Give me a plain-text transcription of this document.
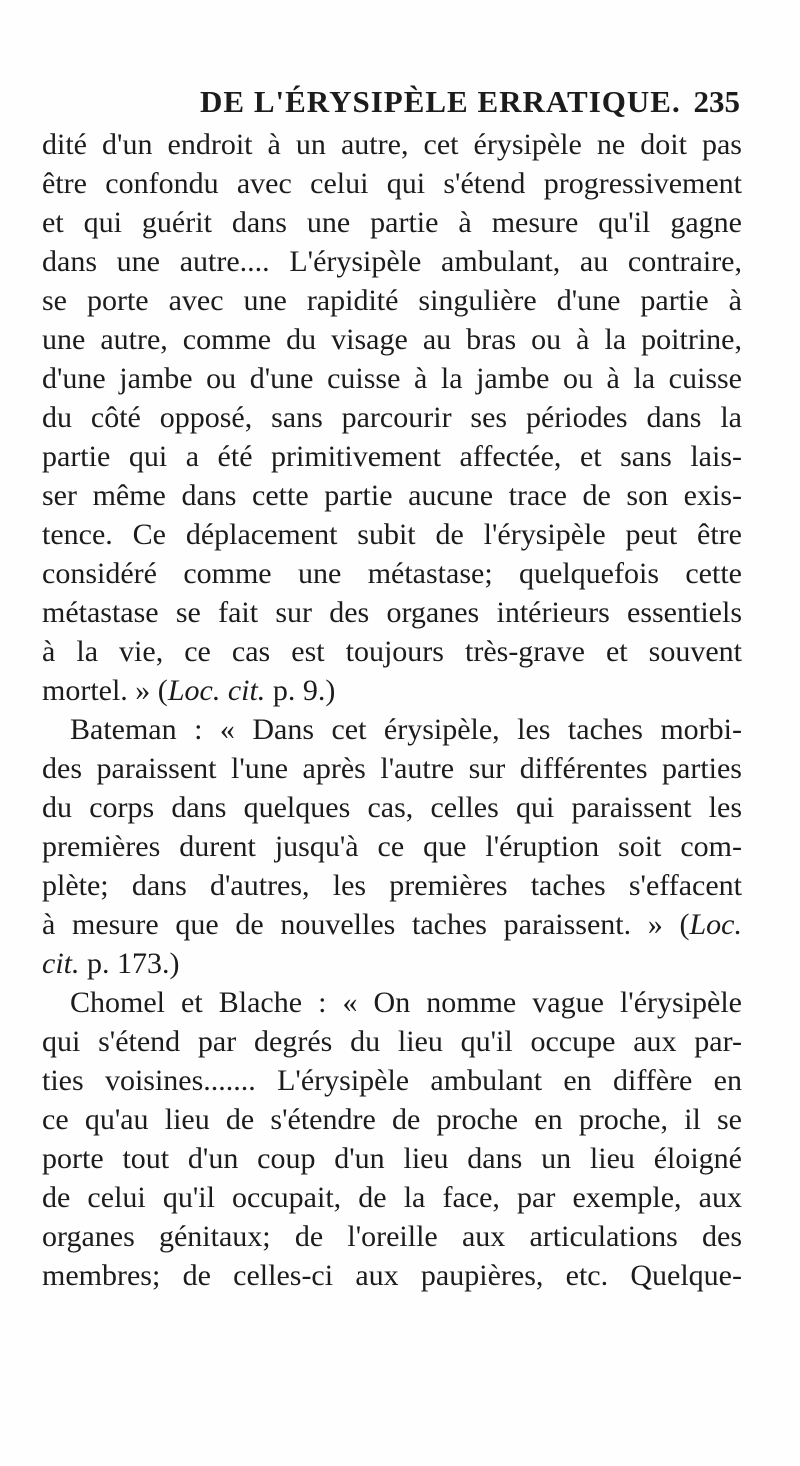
DE L'ÉRYSIPÈLE ERRATIQUE. 235
dité d'un endroit à un autre, cet érysipèle ne doit pas
être confondu avec celui qui s'étend progressivement
et qui guérit dans une partie à mesure qu'il gagne
dans une autre.... L'érysipèle ambulant, au contraire,
se porte avec une rapidité singulière d'une partie à
une autre, comme du visage au bras ou à la poitrine,
d'une jambe ou d'une cuisse à la jambe ou à la cuisse
du côté opposé, sans parcourir ses périodes dans la
partie qui a été primitivement affectée, et sans lais-
ser même dans cette partie aucune trace de son exis-
tence. Ce déplacement subit de l'érysipèle peut être
considéré comme une métastase; quelquefois cette
métastase se fait sur des organes intérieurs essentiels
à la vie, ce cas est toujours très-grave et souvent
mortel. » (Loc. cit. p. 9.)
Bateman : « Dans cet érysipèle, les taches morbi-
des paraissent l'une après l'autre sur différentes parties
du corps dans quelques cas, celles qui paraissent les
premières durent jusqu'à ce que l'éruption soit com-
plète; dans d'autres, les premières taches s'effacent
à mesure que de nouvelles taches paraissent. » (Loc.
cit. p. 173.)
Chomel et Blache : « On nomme vague l'érysipèle
qui s'étend par degrés du lieu qu'il occupe aux par-
ties voisines....... L'érysipèle ambulant en diffère en
ce qu'au lieu de s'étendre de proche en proche, il se
porte tout d'un coup d'un lieu dans un lieu éloigné
de celui qu'il occupait, de la face, par exemple, aux
organes génitaux; de l'oreille aux articulations des
membres; de celles-ci aux paupières, etc. Quelque-
